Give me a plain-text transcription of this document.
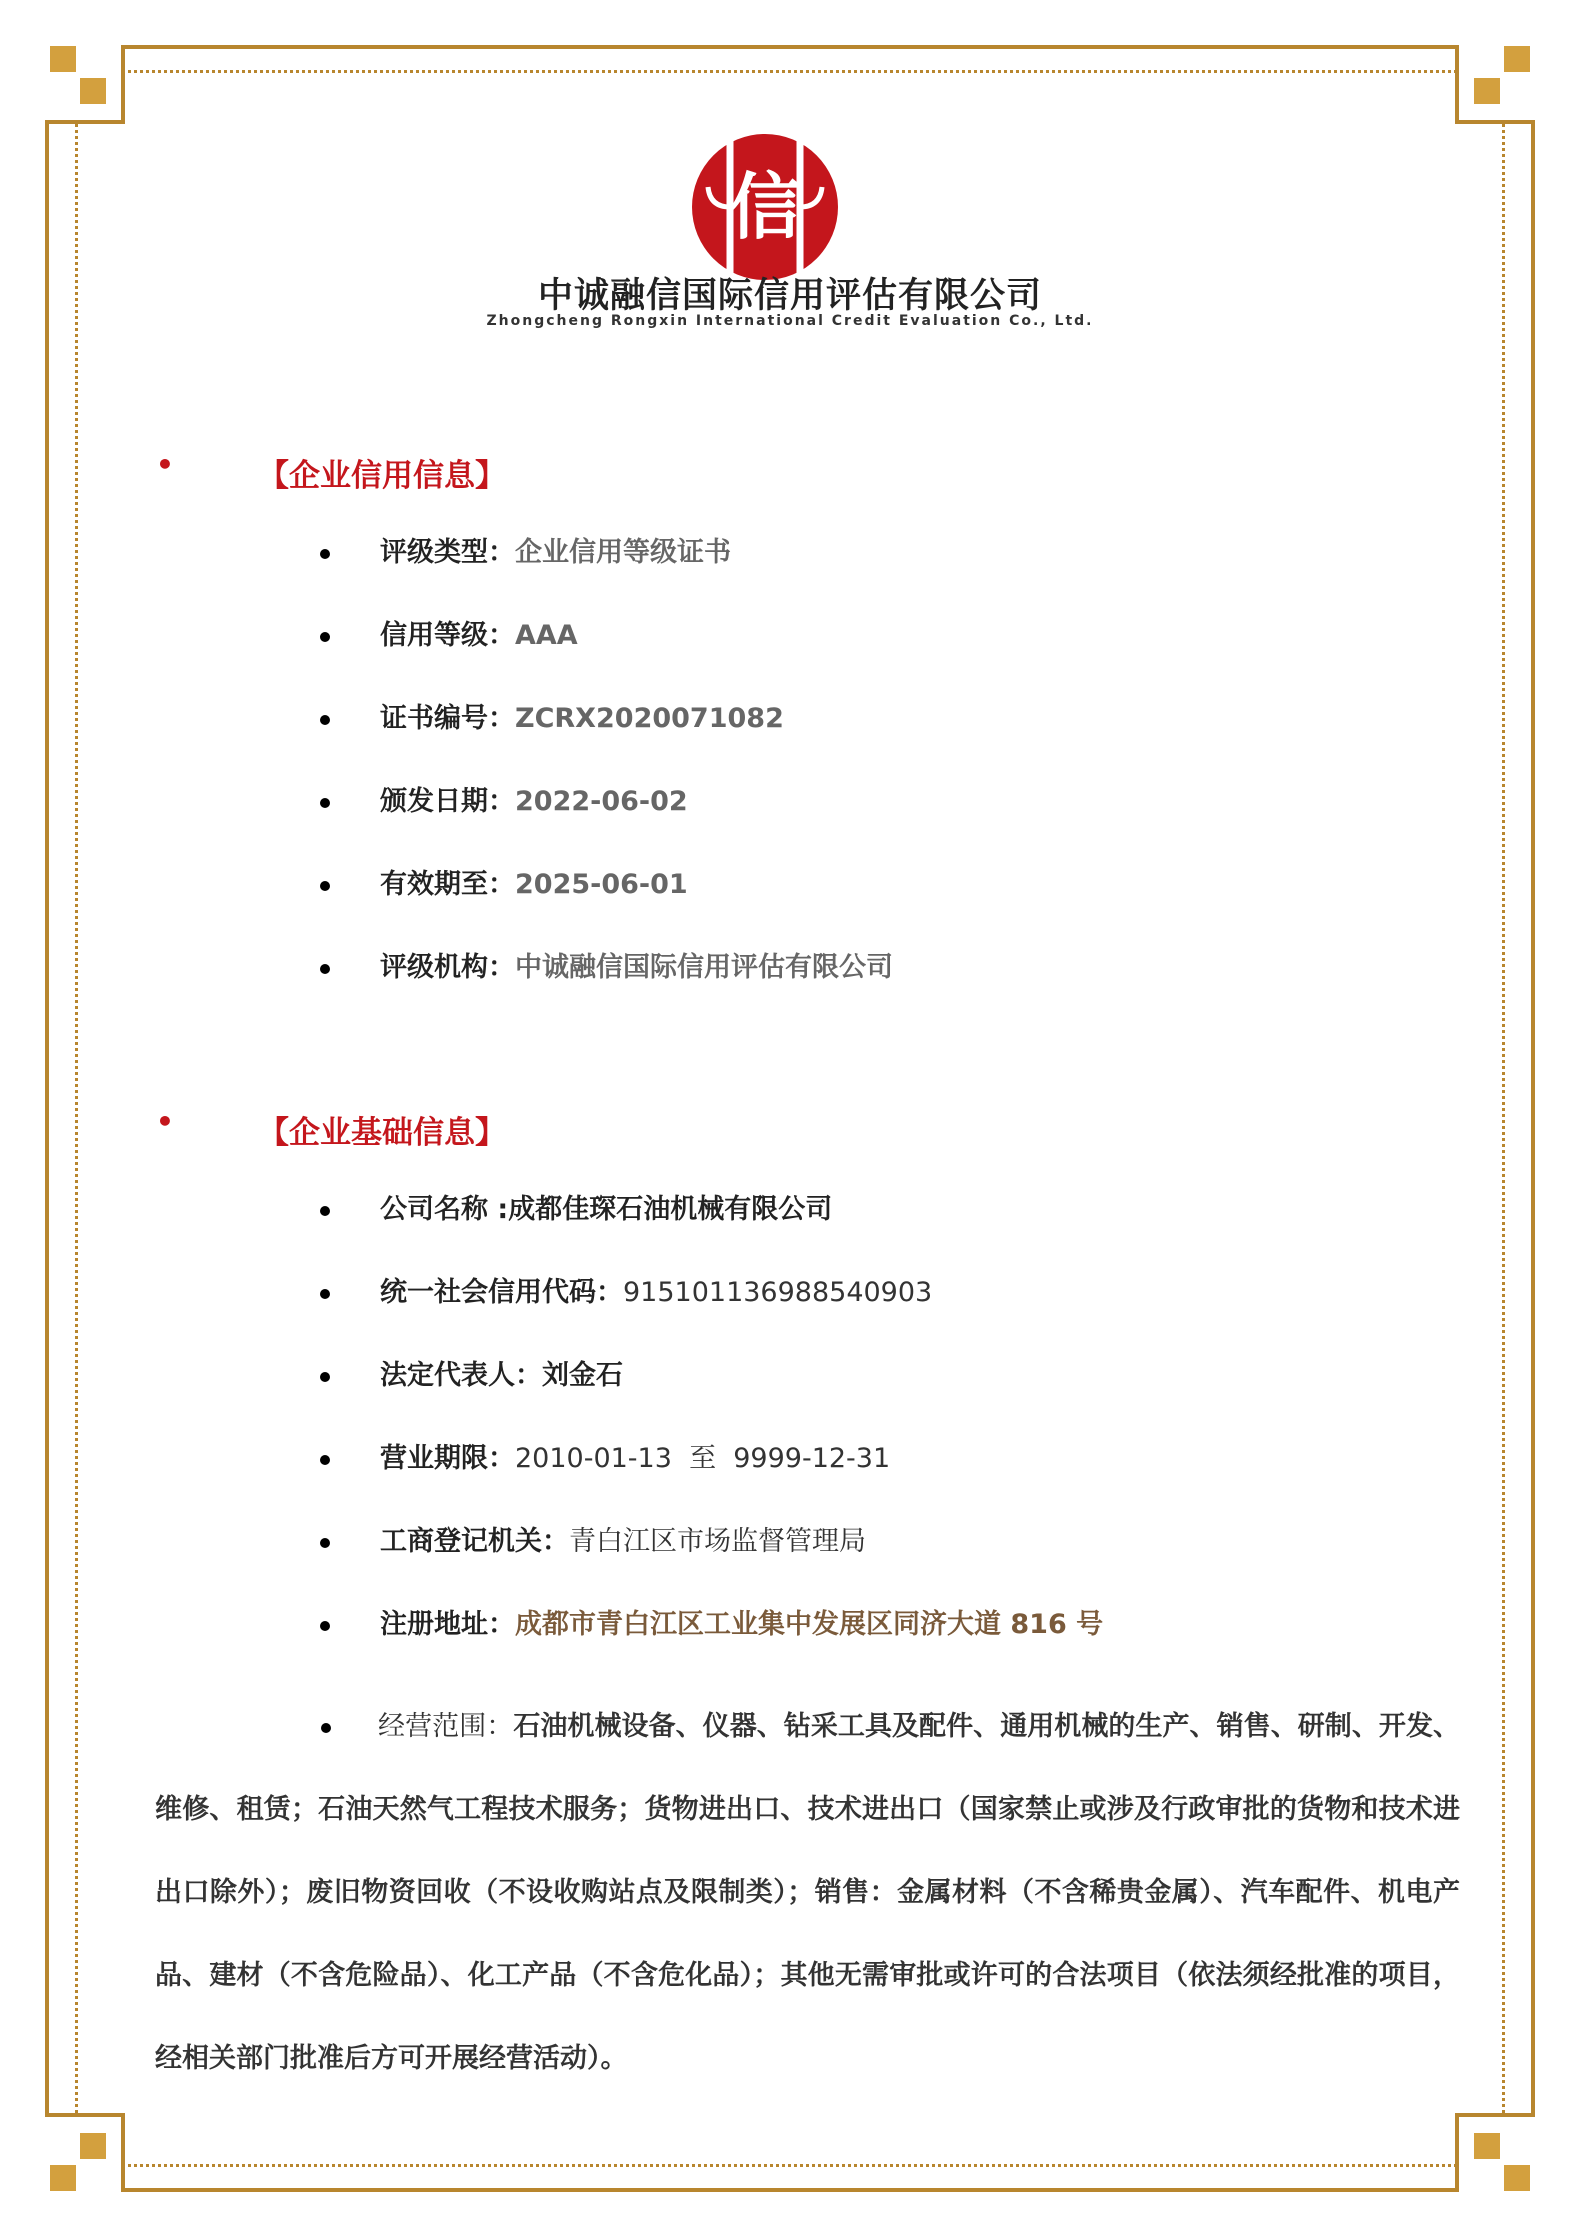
信
中诚融信国际信用评估有限公司
Zhongcheng Rongxin International Credit Evaluation Co., Ltd.
•	【企业信用信息】
评级类型：企业信用等级证书
信用等级：AAA
证书编号：ZCRX2020071082
颁发日期：2022-06-02
有效期至：2025-06-01
评级机构：中诚融信国际信用评估有限公司
•	【企业基础信息】
公司名称 :成都佳琛石油机械有限公司
统一社会信用代码：915101136988540903
法定代表人：刘金石
营业期限：2010-01-13  至  9999-12-31
工商登记机关：青白江区市场监督管理局
注册地址：成都市青白江区工业集中发展区同济大道 816 号
经营范围：石油机械设备、仪器、钻采工具及配件、通用机械的生产、销售、研制、开发、维修、租赁；石油天然气工程技术服务；货物进出口、技术进出口（国家禁止或涉及行政审批的货物和技术进出口除外）；废旧物资回收（不设收购站点及限制类）；销售：金属材料（不含稀贵金属）、汽车配件、机电产品、建材（不含危险品）、化工产品（不含危化品）；其他无需审批或许可的合法项目（依法须经批准的项目，经相关部门批准后方可开展经营活动）。
